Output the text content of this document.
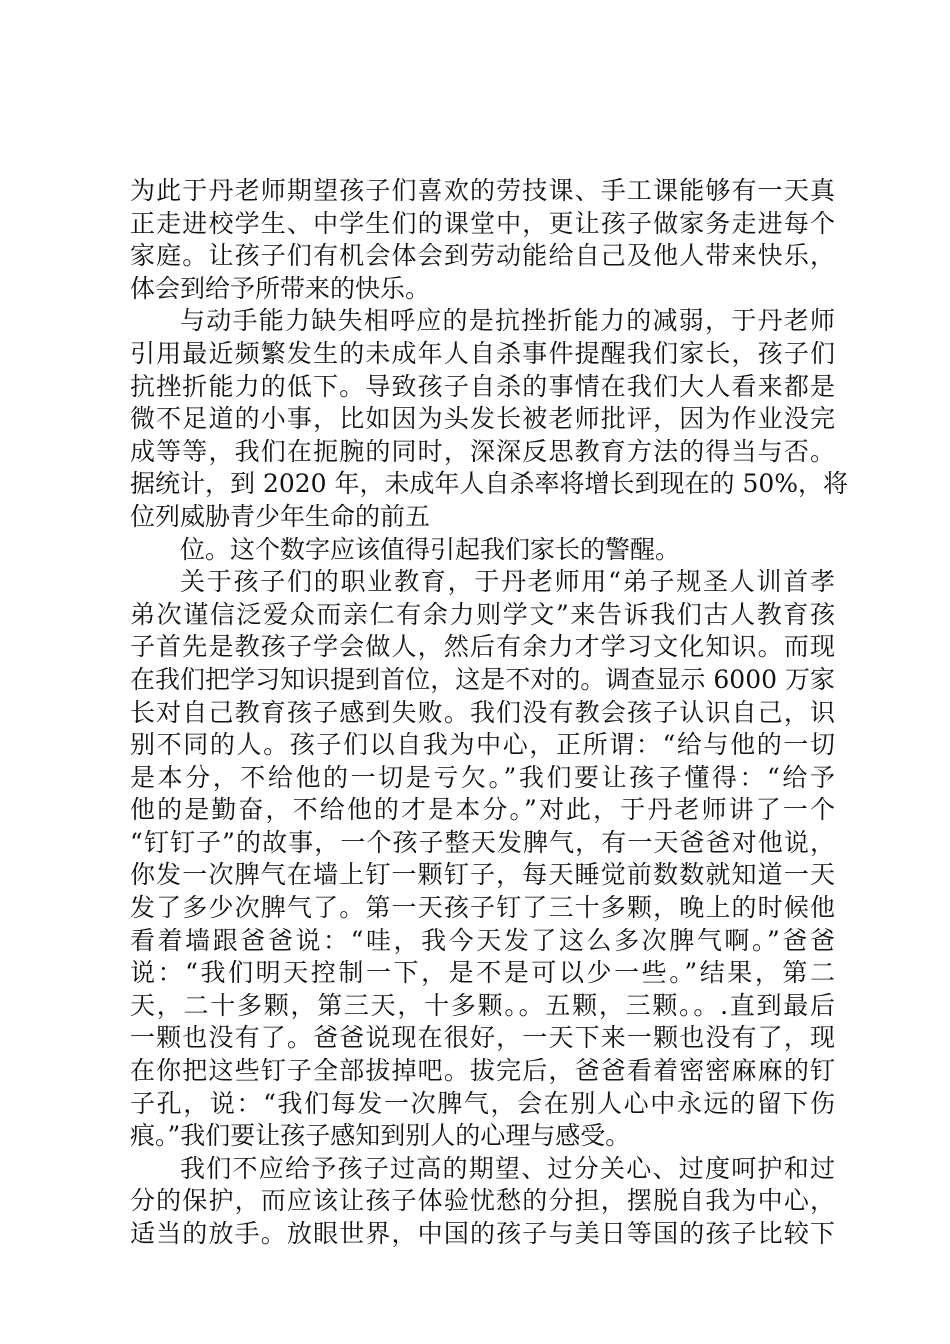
为此于丹老师期望孩子们喜欢的劳技课、手工课能够有一天真
正走进校学生、中学生们的课堂中，更让孩子做家务走进每个
家庭。让孩子们有机会体会到劳动能给自己及他人带来快乐，
体会到给予所带来的快乐。
与动手能力缺失相呼应的是抗挫折能力的减弱，于丹老师
引用最近频繁发生的未成年人自杀事件提醒我们家长，孩子们
抗挫折能力的低下。导致孩子自杀的事情在我们大人看来都是
微不足道的小事，比如因为头发长被老师批评，因为作业没完
成等等，我们在扼腕的同时，深深反思教育方法的得当与否。
据统计，到 2020 年，未成年人自杀率将增长到现在的 50%，将
位列威胁青少年生命的前五
位。这个数字应该值得引起我们家长的警醒。
关于孩子们的职业教育，于丹老师用“弟子规圣人训首孝
弟次谨信泛爱众而亲仁有余力则学文”来告诉我们古人教育孩
子首先是教孩子学会做人，然后有余力才学习文化知识。而现
在我们把学习知识提到首位，这是不对的。调查显示 6000 万家
长对自己教育孩子感到失败。我们没有教会孩子认识自己，识
别不同的人。孩子们以自我为中心，正所谓：“给与他的一切
是本分，不给他的一切是亏欠。”我们要让孩子懂得：“给予
他的是勤奋，不给他的才是本分。”对此，于丹老师讲了一个
“钉钉子”的故事，一个孩子整天发脾气，有一天爸爸对他说，
你发一次脾气在墙上钉一颗钉子，每天睡觉前数数就知道一天
发了多少次脾气了。第一天孩子钉了三十多颗，晚上的时候他
看着墙跟爸爸说：“哇，我今天发了这么多次脾气啊。”爸爸
说：“我们明天控制一下，是不是可以少一些。”结果，第二
天，二十多颗，第三天，十多颗。。五颗，三颗。。.直到最后
一颗也没有了。爸爸说现在很好，一天下来一颗也没有了，现
在你把这些钉子全部拔掉吧。拔完后，爸爸看着密密麻麻的钉
子孔，说：“我们每发一次脾气，会在别人心中永远的留下伤
痕。”我们要让孩子感知到别人的心理与感受。
我们不应给予孩子过高的期望、过分关心、过度呵护和过
分的保护，而应该让孩子体验忧愁的分担，摆脱自我为中心，
适当的放手。放眼世界，中国的孩子与美日等国的孩子比较下
